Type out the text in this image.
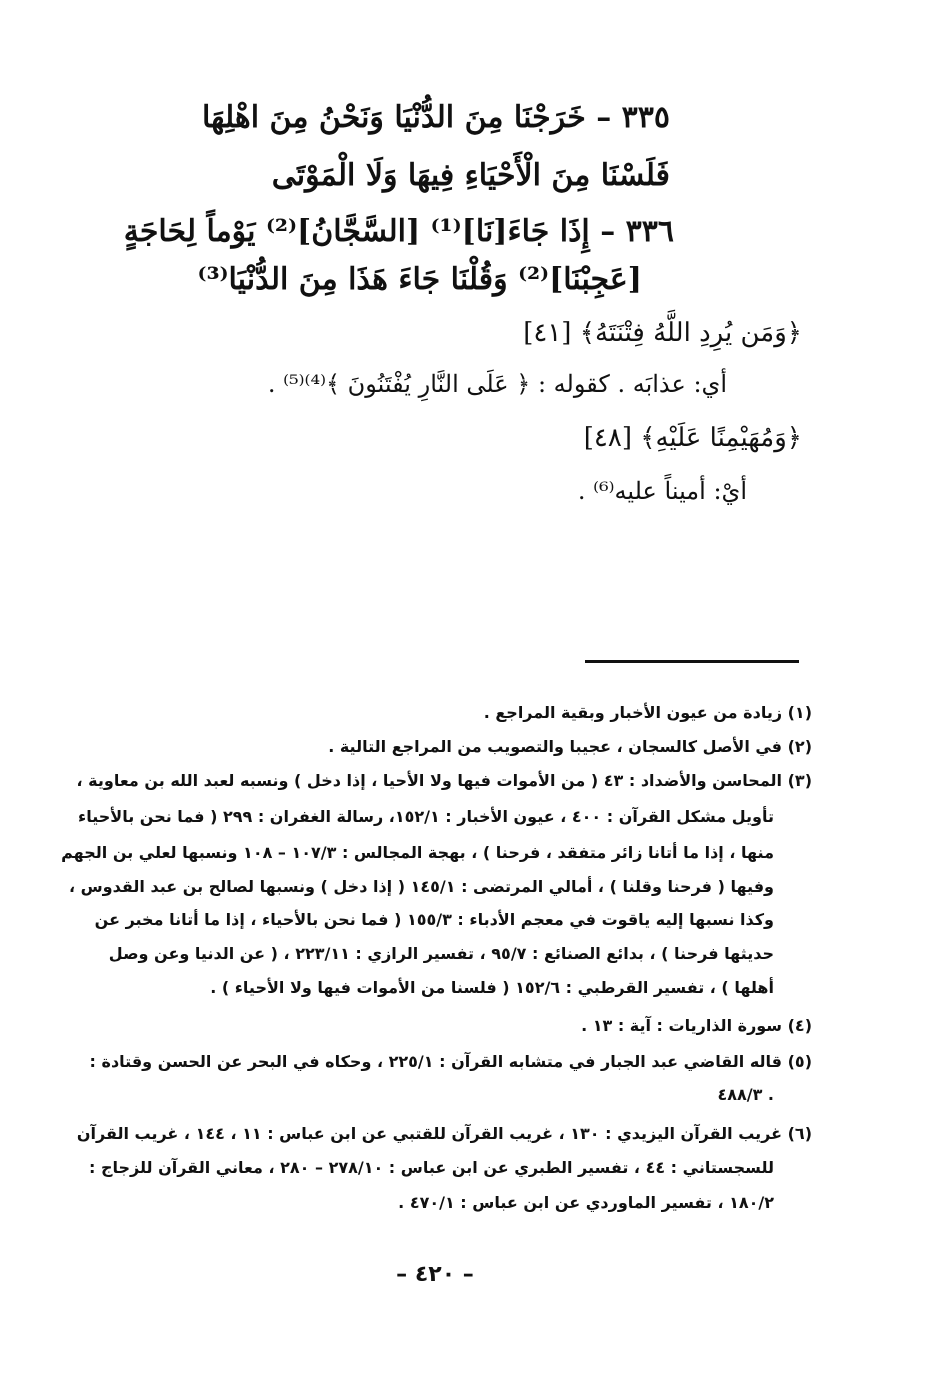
٣٣٥ – خَرَجْنَا مِنَ الدُّنْيَا وَنَحْنُ مِنَ اهْلِهَا
فَلَسْنَا مِنَ الْأَحْيَاءِ فِيهَا وَلَا الْمَوْتَى
٣٣٦ – إِذَا جَاءَ[نَا]⁽¹⁾ [السَّجَّانُ]⁽²⁾ يَوْماً لِحَاجَةٍ
[عَجِبْنَا]⁽²⁾ وَقُلْنَا جَاءَ هَذَا مِنَ الدُّنْيَا⁽³⁾
﴿وَمَن يُرِدِ اللَّهُ فِتْنَتَهُ﴾ [٤١]
أي: عذابَه . كقوله : ﴿ عَلَى النَّارِ يُفْتَنُونَ ﴾⁽⁴⁾⁽⁵⁾ .
﴿وَمُهَيْمِنًا عَلَيْهِ﴾ [٤٨]
أيْ: أميناً عليه⁽⁶⁾ .
(١) زيادة من عيون الأخبار وبقية المراجع .
(٢) في الأصل كالسجان ، عجيبا والتصويب من المراجع التالية .
(٣) المحاسن والأضداد : ٤٣ ( من الأموات فيها ولا الأحيا ، إذا دخل ) ونسبه لعبد الله بن معاوية ،
تأويل مشكل القرآن : ٤٠٠ ، عيون الأخبار : ١٥٢/١، رسالة الغفران : ٢٩٩ ( فما نحن بالأحياء
منها ، إذا ما أتانا زائر متفقد ، فرحنا ) ، بهجة المجالس : ١٠٧/٣ – ١٠٨ ونسبها لعلي بن الجهم
وفيها ( فرحنا وقلنا ) ، أمالي المرتضى : ١٤٥/١ ( إذا دخل ) ونسبها لصالح بن عبد القدوس ،
وكذا نسبها إليه ياقوت في معجم الأدباء : ١٥٥/٣ ( فما نحن بالأحياء ، إذا ما أتانا مخبر عن
حديثها فرحنا ) ، بدائع الصنائع : ٩٥/٧ ، تفسير الرازي : ٢٢٣/١١ ، ( عن الدنيا وعن وصل
أهلها ) ، تفسير القرطبي : ١٥٢/٦ ( فلسنا من الأموات فيها ولا الأحياء ) .
(٤) سورة الذاريات : آية : ١٣ .
(٥) قاله القاضي عبد الجبار في متشابه القرآن : ٢٢٥/١ ، وحكاه في البحر عن الحسن وقتادة :
٤٨٨/٣ .
(٦) غريب القرآن اليزيدي : ١٣٠ ، غريب القرآن للقتبي عن ابن عباس : ١١ ، ١٤٤ ، غريب القرآن
للسجستاني : ٤٤ ، تفسير الطبري عن ابن عباس : ٢٧٨/١٠ – ٢٨٠ ، معاني القرآن للزجاج :
١٨٠/٢ ، تفسير الماوردي عن ابن عباس : ٤٧٠/١ .
– ٤٢٠ –
